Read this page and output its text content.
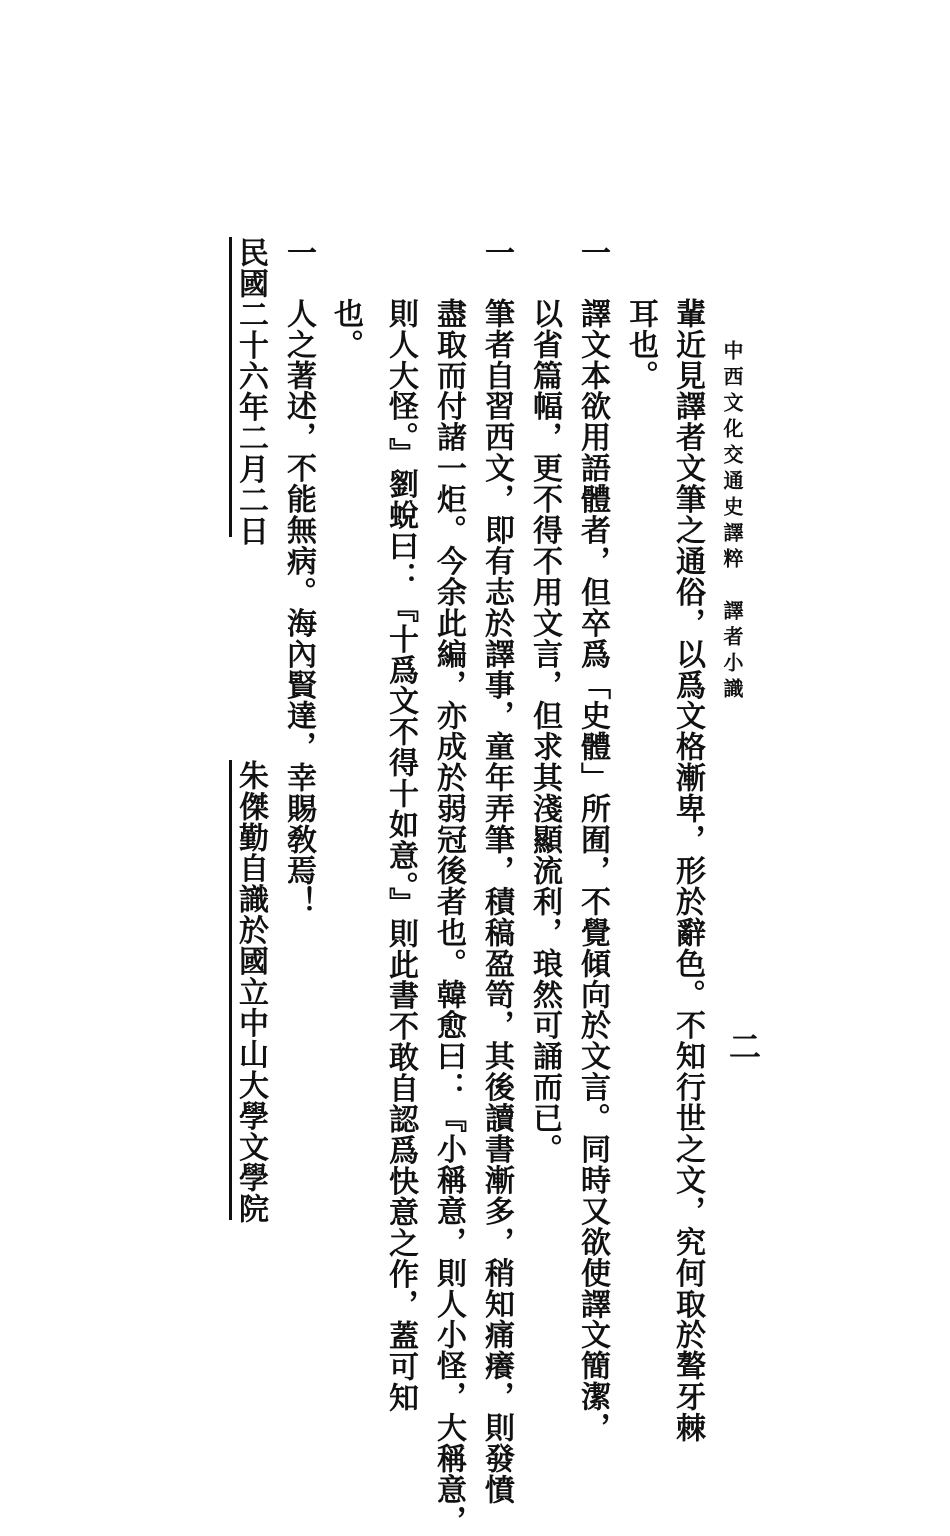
中西文化交通史譯粹　譯者小識
二
輩近見譯者文筆之通俗，以爲文格漸卑，形於辭色。不知行世之文，究何取於聱牙棘
耳也。
一
譯文本欲用語體者，但卒爲「史體」所囿，不覺傾向於文言。同時又欲使譯文簡潔，
以省篇幅，更不得不用文言，但求其淺顯流利，琅然可誦而已。
一
筆者自習西文，即有志於譯事，童年弄筆，積稿盈笥，其後讀書漸多，稍知痛癢，則發憤
盡取而付諸一炬。今余此編，亦成於弱冠後者也。韓愈曰：『小稱意，則人小怪，大稱意，
則人大怪。』劉蛻曰：『十爲文不得十如意。』則此書不敢自認爲快意之作，蓋可知
也。
一
人之著述，不能無病。海內賢達，幸賜敎焉！
朱傑勤自識於國立中山大學文學院
民國二十六年二月二日
